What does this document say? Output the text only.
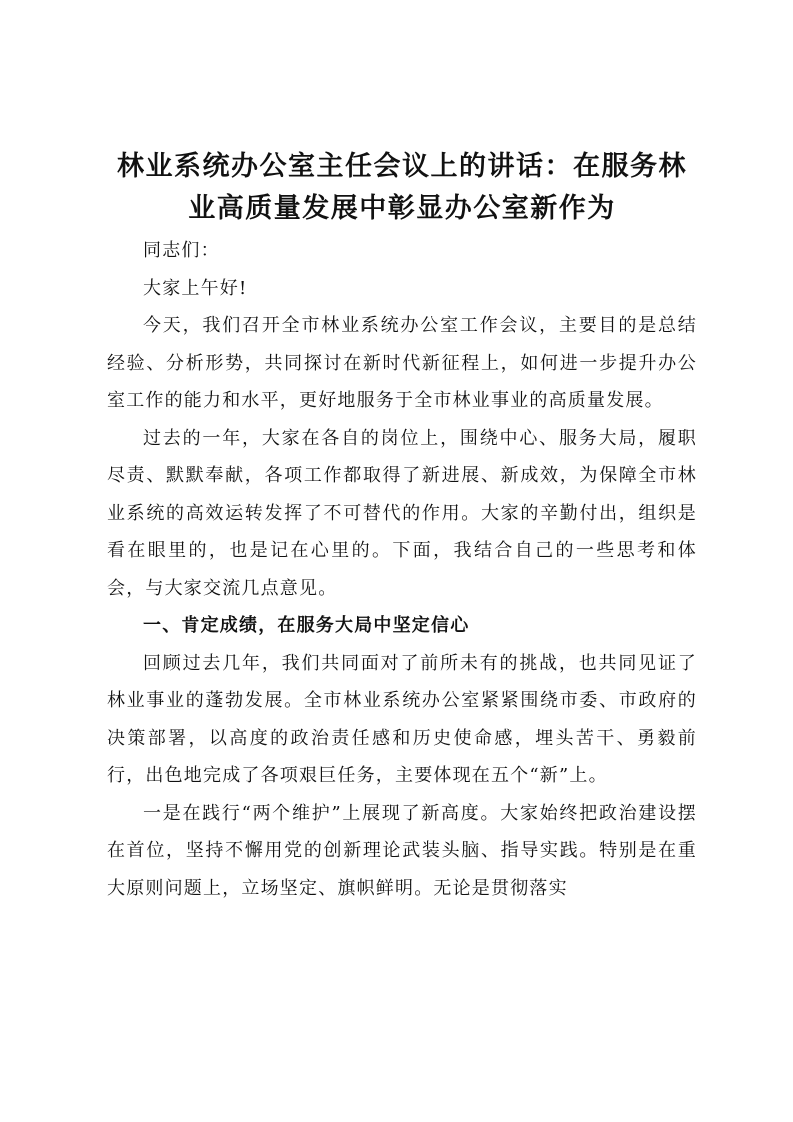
林业系统办公室主任会议上的讲话：在服务林业高质量发展中彰显办公室新作为

同志们：

大家上午好!

今天，我们召开全市林业系统办公室工作会议，主要目的是总结经验、分析形势，共同探讨在新时代新征程上，如何进一步提升办公室工作的能力和水平，更好地服务于全市林业事业的高质量发展。

过去的一年，大家在各自的岗位上，围绕中心、服务大局，履职尽责、默默奉献，各项工作都取得了新进展、新成效，为保障全市林业系统的高效运转发挥了不可替代的作用。大家的辛勤付出，组织是看在眼里的，也是记在心里的。下面，我结合自己的一些思考和体会，与大家交流几点意见。

一、肯定成绩，在服务大局中坚定信心

回顾过去几年，我们共同面对了前所未有的挑战，也共同见证了林业事业的蓬勃发展。全市林业系统办公室紧紧围绕市委、市政府的决策部署，以高度的政治责任感和历史使命感，埋头苦干、勇毅前行，出色地完成了各项艰巨任务，主要体现在五个“新”上。

一是在践行“两个维护”上展现了新高度。大家始终把政治建设摆在首位，坚持不懈用党的创新理论武装头脑、指导实践。特别是在重大原则问题上，立场坚定、旗帜鲜明。无论是贯彻落实
